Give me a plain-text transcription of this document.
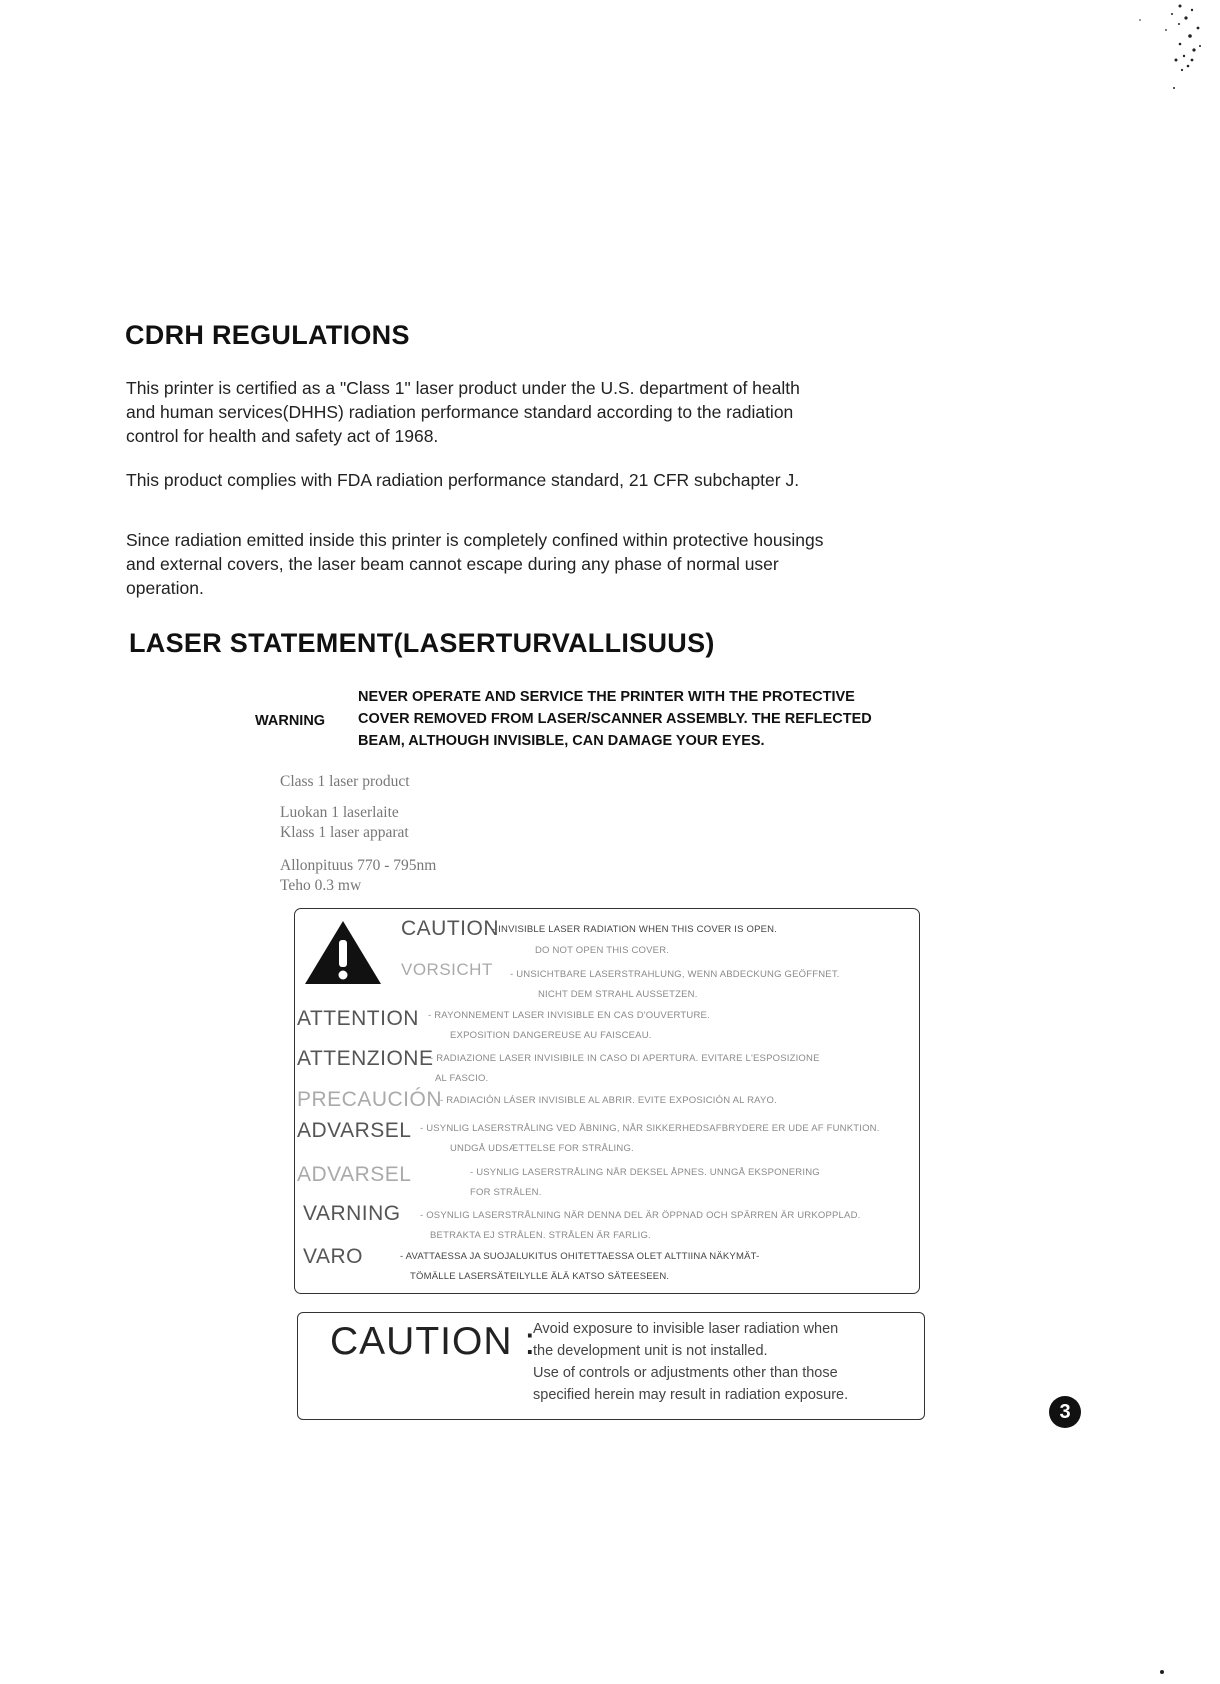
CDRH REGULATIONS

This printer is certified as a "Class 1" laser product under the U.S. department of health and human services(DHHS) radiation performance standard according to the radiation control for health and safety act of 1968.

This product complies with FDA radiation performance standard, 21 CFR subchapter J.

Since radiation emitted inside this printer is completely confined within protective housings and external covers, the laser beam cannot escape during any phase of normal user operation.

LASER STATEMENT(LASERTURVALLISUUS)
WARNING
NEVER OPERATE AND SERVICE THE PRINTER WITH THE PROTECTIVE
COVER REMOVED FROM LASER/SCANNER ASSEMBLY. THE REFLECTED
BEAM, ALTHOUGH INVISIBLE, CAN DAMAGE YOUR EYES.
Class 1 laser product
Luokan 1 laserlaite
Klass 1 laser apparat
Allonpituus 770 - 795nm
Teho 0.3 mw
CAUTION
- INVISIBLE LASER RADIATION WHEN THIS COVER IS OPEN.
DO NOT OPEN THIS COVER.
VORSICHT - UNSICHTBARE LASERSTRAHLUNG, WENN ABDECKUNG GEÖFFNET.
NICHT DEM STRAHL AUSSETZEN.
ATTENTION - RAYONNEMENT LASER INVISIBLE EN CAS D'OUVERTURE.
EXPOSITION DANGEREUSE AU FAISCEAU.
ATTENZIONE
- RADIAZIONE LASER INVISIBILE IN CASO DI APERTURA. EVITARE L'ESPOSIZIONE
AL FASCIO.
PRECAUCIÓN
- RADIACIÓN LÁSER INVISIBLE AL ABRIR. EVITE EXPOSICIÓN AL RAYO.
ADVARSEL - USYNLIG LASERSTRÅLING VED ÅBNING, NÅR SIKKERHEDSAFBRYDERE ER UDE AF FUNKTION.
UNDGÅ UDSÆTTELSE FOR STRÅLING.
ADVARSEL	- USYNLIG LASERSTRÅLING NÅR DEKSEL ÅPNES. UNNGÅ EKSPONERING
FOR STRÅLEN.
VARNING - OSYNLIG LASERSTRÅLNING NÄR DENNA DEL ÄR ÖPPNAD OCH SPÄRREN ÄR URKOPPLAD.
BETRAKTA EJ STRÅLEN. STRÅLEN ÄR FARLIG.
VARO	- AVATTAESSA JA SUOJALUKITUS OHITETTAESSA OLET ALTTIINA NÄKYMÄT-
TÖMÄLLE LASERSÄTEILYLLE ÄLÄ KATSO SÄTEESEEN.
CAUTION :
Avoid exposure to invisible laser radiation when
the development unit is not installed.
Use of controls or adjustments other than those
specified herein may result in radiation exposure.
3
